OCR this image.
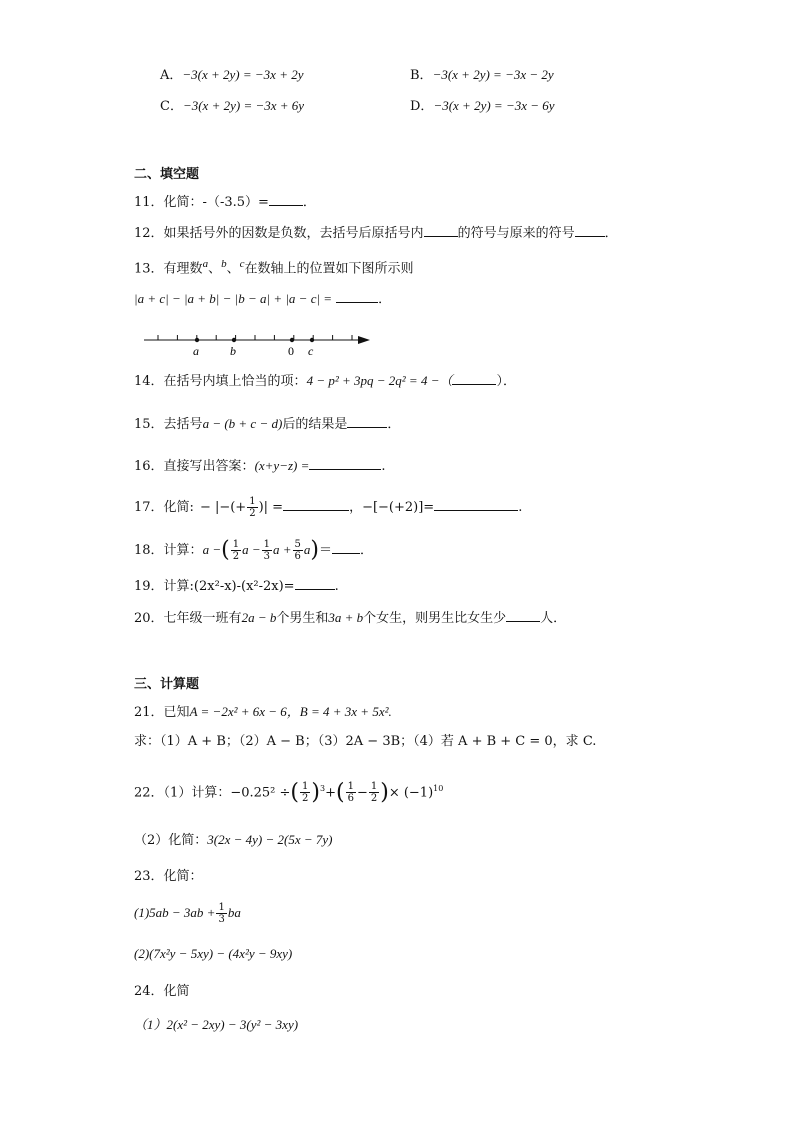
A．−3(x + 2y) = −3x + 2y	B．−3(x + 2y) = −3x − 2y
C．−3(x + 2y) = −3x + 6y	D．−3(x + 2y) = −3x − 6y
二、填空题
11．化简：-（-3.5）=	．
12．如果括号外的因数是负数，去括号后原括号内	的符号与原来的符号 ．
13．有理数$^a$、$^b$、$^c$在数轴上的位置如下图所示则
|a + c| − |a + b| − |b − a| + |a − c| =	．
a	b	0 c
14．在括号内填上恰当的项：4 − p² + 3pq − 2q² = 4 −（	）．
15．去括号a − (b + c − d)后的结果是	．
16．直接写出答案：(x+y−z) =	.
17．化简: − |−(+ $\frac{1}{2}$ )| =	，−[−(+2)]=	.
18．计算：a −( $\frac{1}{2}$ $a - \frac{1}{3}$ $a + \frac{5}{6} a)=$ ．
19．计算:(2x²-x)-(x²-2x)=	.
20．七年级一班有2a − b个男生和3a + b个女生，则男生比女生少	人．
三、计算题
21．已知A = −2x² + 6x − 6，B = 4 + 3x + 5x².
求：（1）A + B；（2）A − B；（3）2A − 3B；（4）若 A + B + C = 0，求 C.
22．（1）计算：−0.25² ÷( $\frac{1}{2} )^3+( \frac{1}{6} - \frac{1}{2}$ )× $(-1)^{10}$
（2）化简：3(2x − 4y) − 2(5x − 7y)
23．化简：
$(1)5ab - 3ab + \frac{1}{3}$ ba
(2)(7x²y − 5xy) − (4x²y − 9xy)
24．化简
（1）2(x² − 2xy) − 3(y² − 3xy)
